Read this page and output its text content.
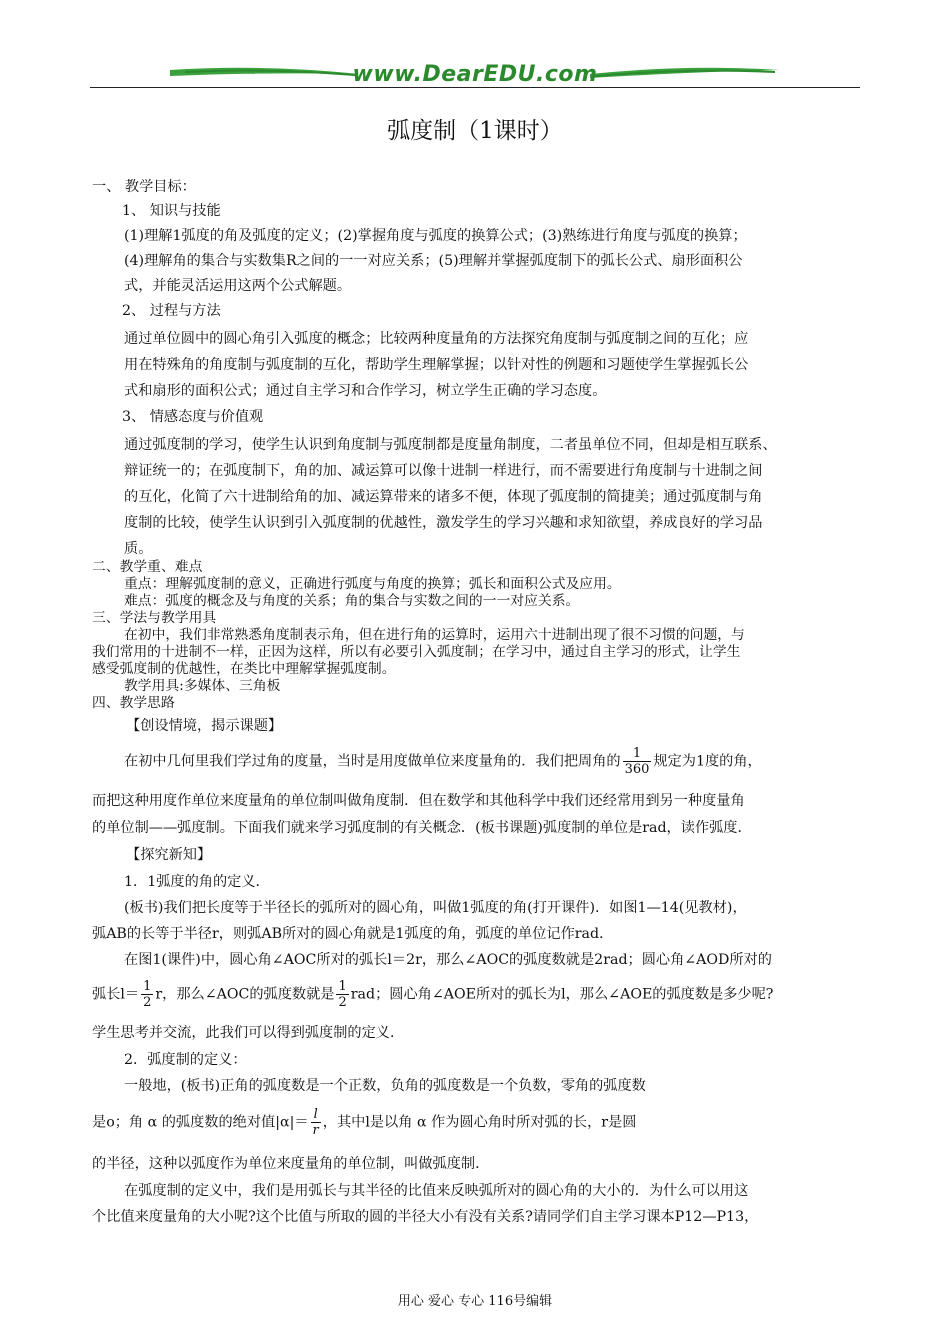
www.DearEDU.com
弧度制（1课时）
一、 教学目标：
1、 知识与技能
(1)理解1弧度的角及弧度的定义；(2)掌握角度与弧度的换算公式；(3)熟练进行角度与弧度的换算；
(4)理解角的集合与实数集R之间的一一对应关系；(5)理解并掌握弧度制下的弧长公式、扇形面积公
式，并能灵活运用这两个公式解题。
2、 过程与方法
通过单位圆中的圆心角引入弧度的概念；比较两种度量角的方法探究角度制与弧度制之间的互化；应
用在特殊角的角度制与弧度制的互化，帮助学生理解掌握；以针对性的例题和习题使学生掌握弧长公
式和扇形的面积公式；通过自主学习和合作学习，树立学生正确的学习态度。
3、 情感态度与价值观
通过弧度制的学习，使学生认识到角度制与弧度制都是度量角制度，二者虽单位不同，但却是相互联系、
辩证统一的；在弧度制下，角的加、减运算可以像十进制一样进行，而不需要进行角度制与十进制之间
的互化，化简了六十进制给角的加、减运算带来的诸多不便，体现了弧度制的简捷美；通过弧度制与角
度制的比较，使学生认识到引入弧度制的优越性，激发学生的学习兴趣和求知欲望，养成良好的学习品
质。
二、教学重、难点
重点：理解弧度制的意义，正确进行弧度与角度的换算；弧长和面积公式及应用。
难点：弧度的概念及与角度的关系；角的集合与实数之间的一一对应关系。
三、学法与教学用具
在初中，我们非常熟悉角度制表示角，但在进行角的运算时，运用六十进制出现了很不习惯的问题，与
我们常用的十进制不一样，正因为这样，所以有必要引入弧度制；在学习中，通过自主学习的形式，让学生
感受弧度制的优越性，在类比中理解掌握弧度制。
教学用具:多媒体、三角板
四、教学思路
【创设情境，揭示课题】
在初中几何里我们学过角的度量，当时是用度做单位来度量角的．我们把周角的 $\frac{1}{360}$ 规定为1度的角，
而把这种用度作单位来度量角的单位制叫做角度制．但在数学和其他科学中我们还经常用到另一种度量角
的单位制——弧度制。下面我们就来学习弧度制的有关概念．(板书课题)弧度制的单位是rad，读作弧度．
【探究新知】
1．1弧度的角的定义．
(板书)我们把长度等于半径长的弧所对的圆心角，叫做1弧度的角(打开课件)．如图1—14(见教材)，
弧AB的长等于半径r，则弧AB所对的圆心角就是1弧度的角，弧度的单位记作rad．
在图1(课件)中，圆心角∠AOC所对的弧长l＝2r，那么∠AOC的弧度数就是2rad；圆心角∠AOD所对的
弧长$l= \frac{1}{2}$ r，那么∠AOC的弧度数就是 $\frac{1}{2}$ rad；圆心角∠AOE所对的弧长为l，那么∠AOE的弧度数是多少呢?
学生思考并交流，此我们可以得到弧度制的定义．
2．弧度制的定义：
一般地，(板书)正角的弧度数是一个正数，负角的弧度数是一个负数，零角的弧度数
是o；角 α 的弧度数的绝对值$|\alpha|= \frac{l}{r}$ ，其中l是以角 α 作为圆心角时所对弧的长，r是圆
的半径，这种以弧度作为单位来度量角的单位制，叫做弧度制．
在弧度制的定义中，我们是用弧长与其半径的比值来反映弧所对的圆心角的大小的．为什么可以用这
个比值来度量角的大小呢?这个比值与所取的圆的半径大小有没有关系?请同学们自主学习课本P12—P13，
用心 爱心 专心 116号编辑
